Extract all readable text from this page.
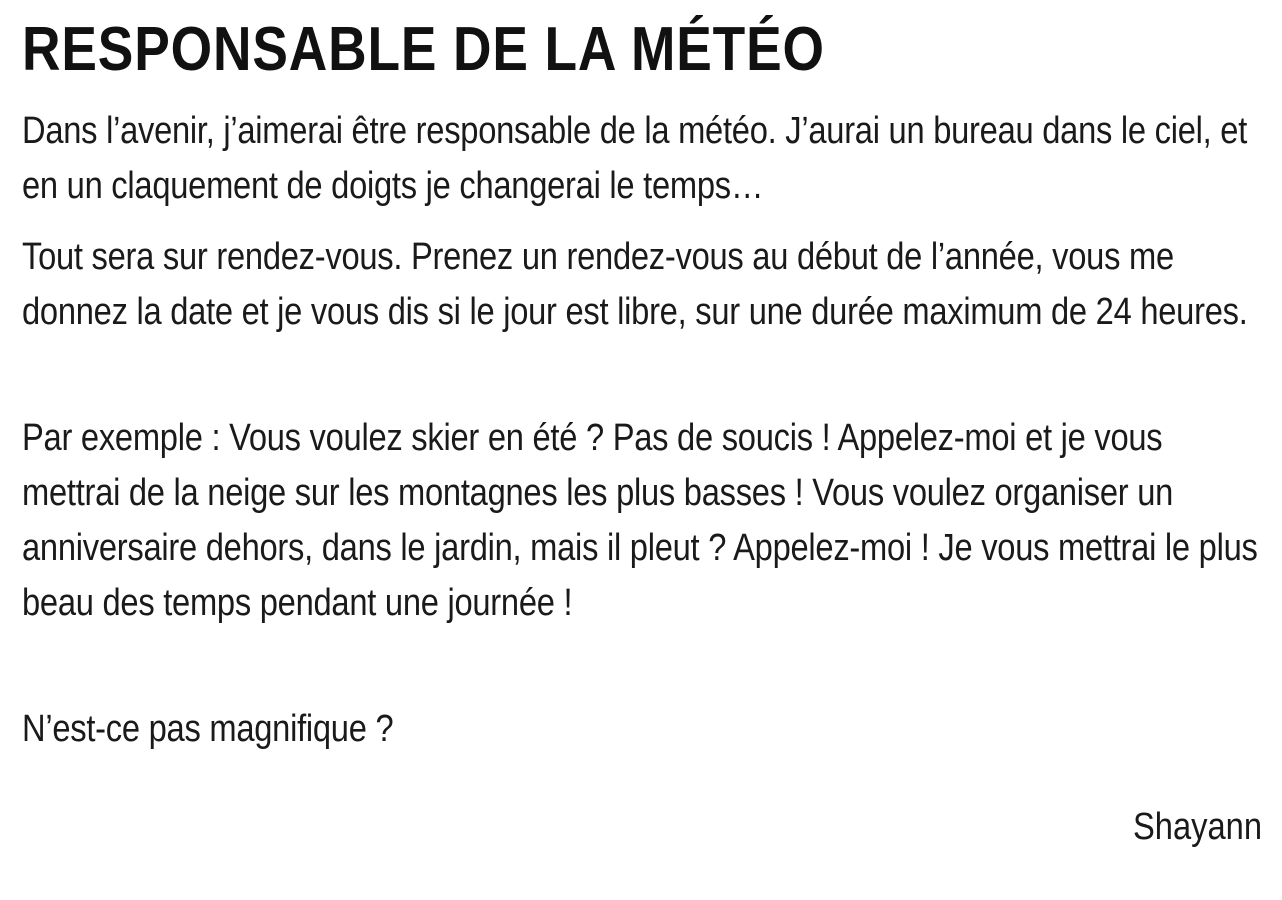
RESPONSABLE DE LA MÉTÉO

Dans l’avenir, j’aimerai être responsable de la météo. J’aurai un bureau dans le ciel, et en un claquement de doigts je changerai le temps…

Tout sera sur rendez-vous. Prenez un rendez-vous au début de l’année, vous me donnez la date et je vous dis si le jour est libre, sur une durée maximum de 24 heures.

Par exemple : Vous voulez skier en été ? Pas de soucis ! Appelez-moi et je vous mettrai de la neige sur les montagnes les plus basses ! Vous voulez organiser un anniversaire dehors, dans le jardin, mais il pleut ? Appelez-moi ! Je vous mettrai le plus beau des temps pendant une journée !

N’est-ce pas magnifique ?

Shayann
